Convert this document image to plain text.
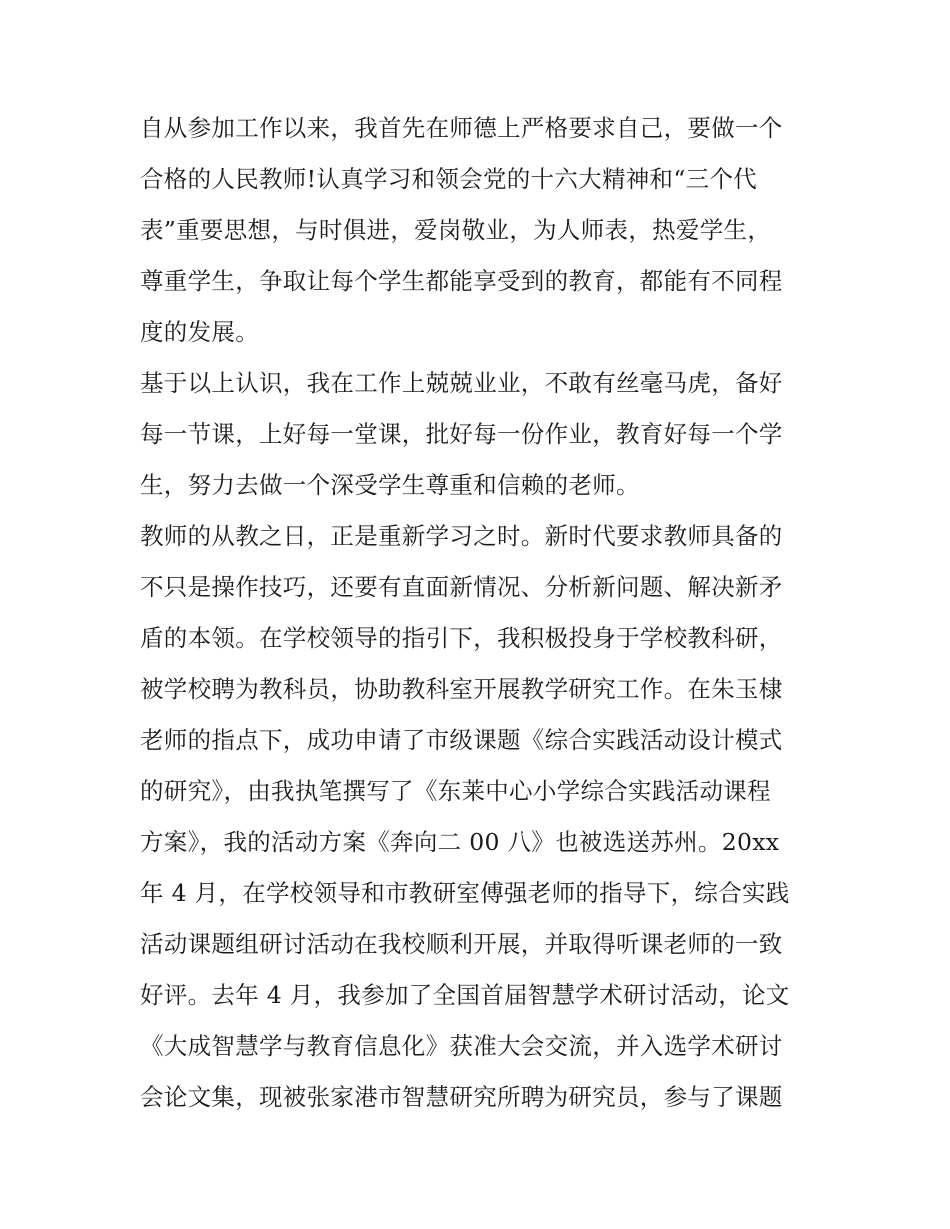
自从参加工作以来，我首先在师德上严格要求自己，要做一个
合格的人民教师!认真学习和领会党的十六大精神和“三个代
表”重要思想，与时俱进，爱岗敬业，为人师表，热爱学生，
尊重学生，争取让每个学生都能享受到的教育，都能有不同程
度的发展。
基于以上认识，我在工作上兢兢业业，不敢有丝毫马虎，备好
每一节课，上好每一堂课，批好每一份作业，教育好每一个学
生，努力去做一个深受学生尊重和信赖的老师。
教师的从教之日，正是重新学习之时。新时代要求教师具备的
不只是操作技巧，还要有直面新情况、分析新问题、解决新矛
盾的本领。在学校领导的指引下，我积极投身于学校教科研，
被学校聘为教科员，协助教科室开展教学研究工作。在朱玉棣
老师的指点下，成功申请了市级课题《综合实践活动设计模式
的研究》，由我执笔撰写了《东莱中心小学综合实践活动课程
方案》，我的活动方案《奔向二 00 八》也被选送苏州。20xx
年 4 月，在学校领导和市教研室傅强老师的指导下，综合实践
活动课题组研讨活动在我校顺利开展，并取得听课老师的一致
好评。去年 4 月，我参加了全国首届智慧学术研讨活动，论文
《大成智慧学与教育信息化》获准大会交流，并入选学术研讨
会论文集，现被张家港市智慧研究所聘为研究员，参与了课题
